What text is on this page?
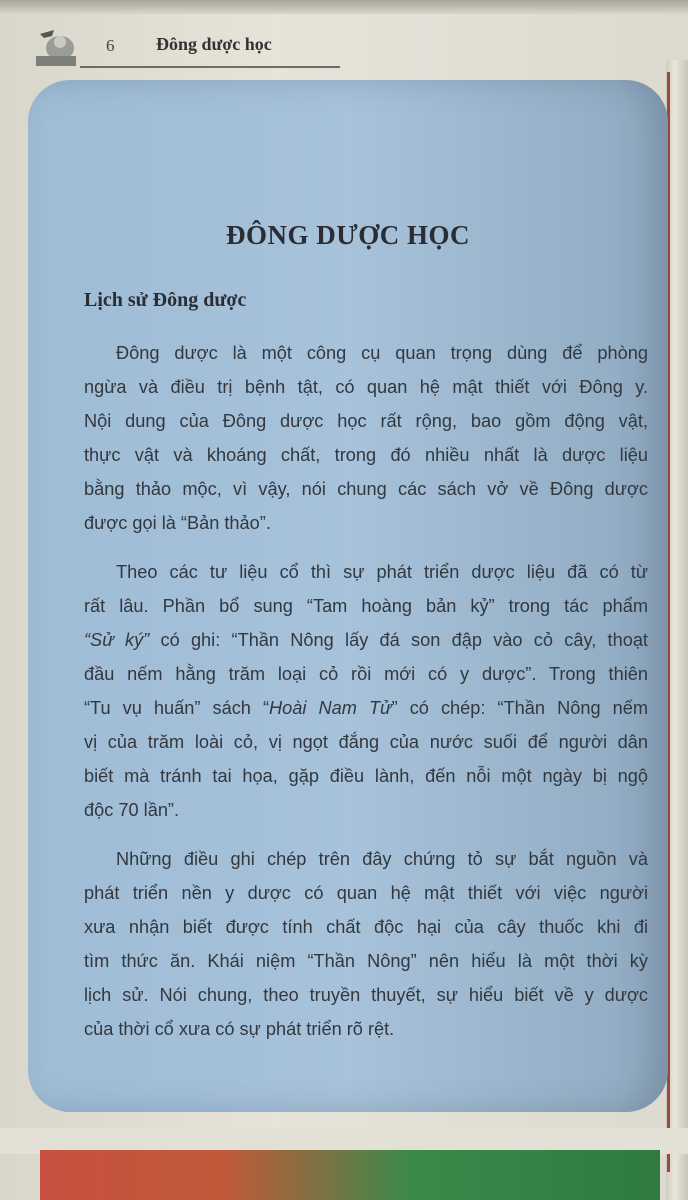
6 Đông dược học
ĐÔNG DƯỢC HỌC
Lịch sử Đông dược
Đông dược là một công cụ quan trọng dùng để phòng
ngừa và điều trị bệnh tật, có quan hệ mật thiết với Đông y.
Nội dung của Đông dược học rất rộng, bao gồm động vật,
thực vật và khoáng chất, trong đó nhiều nhất là dược liệu
bằng thảo mộc, vì vậy, nói chung các sách vở về Đông dược
được gọi là “Bản thảo”.
Theo các tư liệu cổ thì sự phát triển dược liệu đã có từ
rất lâu. Phần bổ sung “Tam hoàng bản kỷ” trong tác phẩm
“Sử ký” có ghi: “Thần Nông lấy đá son đập vào cỏ cây, thoạt
đầu nếm hằng trăm loại cỏ rồi mới có y dược”. Trong thiên
“Tu vụ huấn” sách “Hoài Nam Tử” có chép: “Thần Nông nếm
vị của trăm loài cỏ, vị ngọt đắng của nước suối để người dân
biết mà tránh tai họa, gặp điều lành, đến nỗi một ngày bị ngộ
độc 70 lần”.
Những điều ghi chép trên đây chứng tỏ sự bắt nguồn và
phát triển nền y dược có quan hệ mật thiết với việc người
xưa nhận biết được tính chất độc hại của cây thuốc khi đi
tìm thức ăn. Khái niệm “Thần Nông” nên hiểu là một thời kỳ
lịch sử. Nói chung, theo truyền thuyết, sự hiểu biết về y dược
của thời cổ xưa có sự phát triển rõ rệt.
